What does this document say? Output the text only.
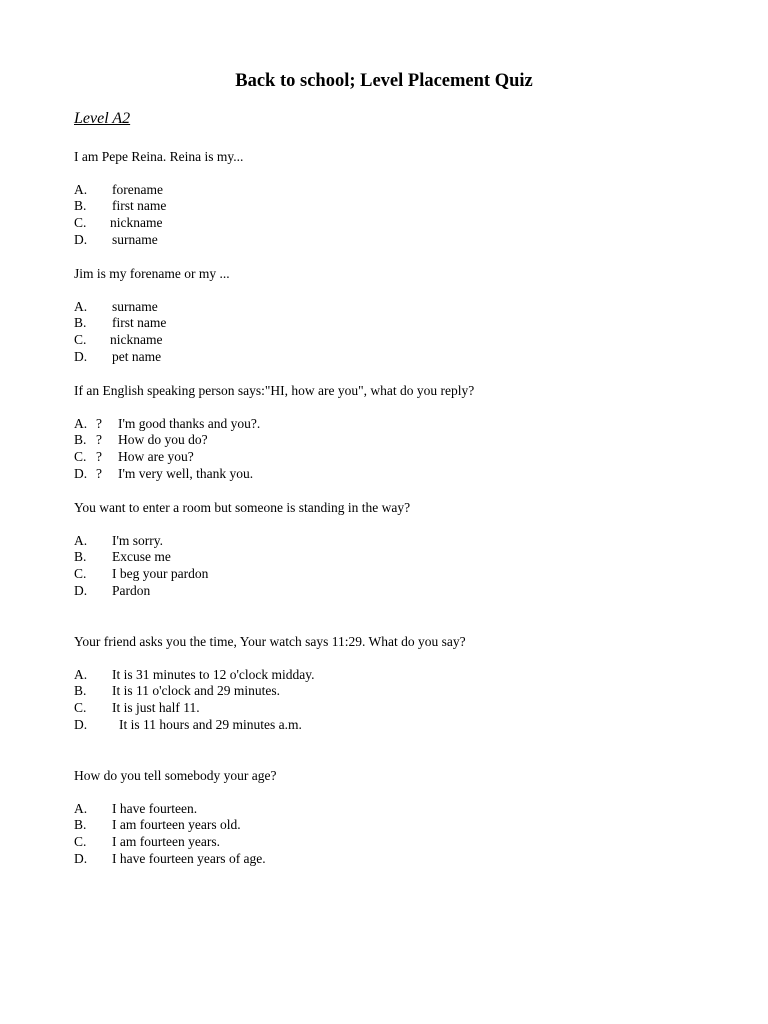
Back to school; Level Placement Quiz
Level A2
I am Pepe Reina. Reina is my...
A. forename
B. first name
C. nickname
D. surname
Jim is my forename or my ...
A. surname
B. first name
C. nickname
D. pet name
If an English speaking person says:"HI, how are you", what do you reply?
A. ? I'm good thanks and you?.
B. ? How do you do?
C. ? How are you?
D. ? I'm very well, thank you.
You want to enter a room but someone is standing in the way?
A. I'm sorry.
B. Excuse me
C. I beg your pardon
D. Pardon
Your friend asks you the time, Your watch says 11:29. What do you say?
A. It is 31 minutes to 12 o'clock midday.
B. It is 11 o'clock and 29 minutes.
C. It is just half 11.
D. It is 11 hours and 29 minutes a.m.
How do you tell somebody your age?
A. I have fourteen.
B. I am fourteen years old.
C. I am fourteen years.
D. I have fourteen years of age.
